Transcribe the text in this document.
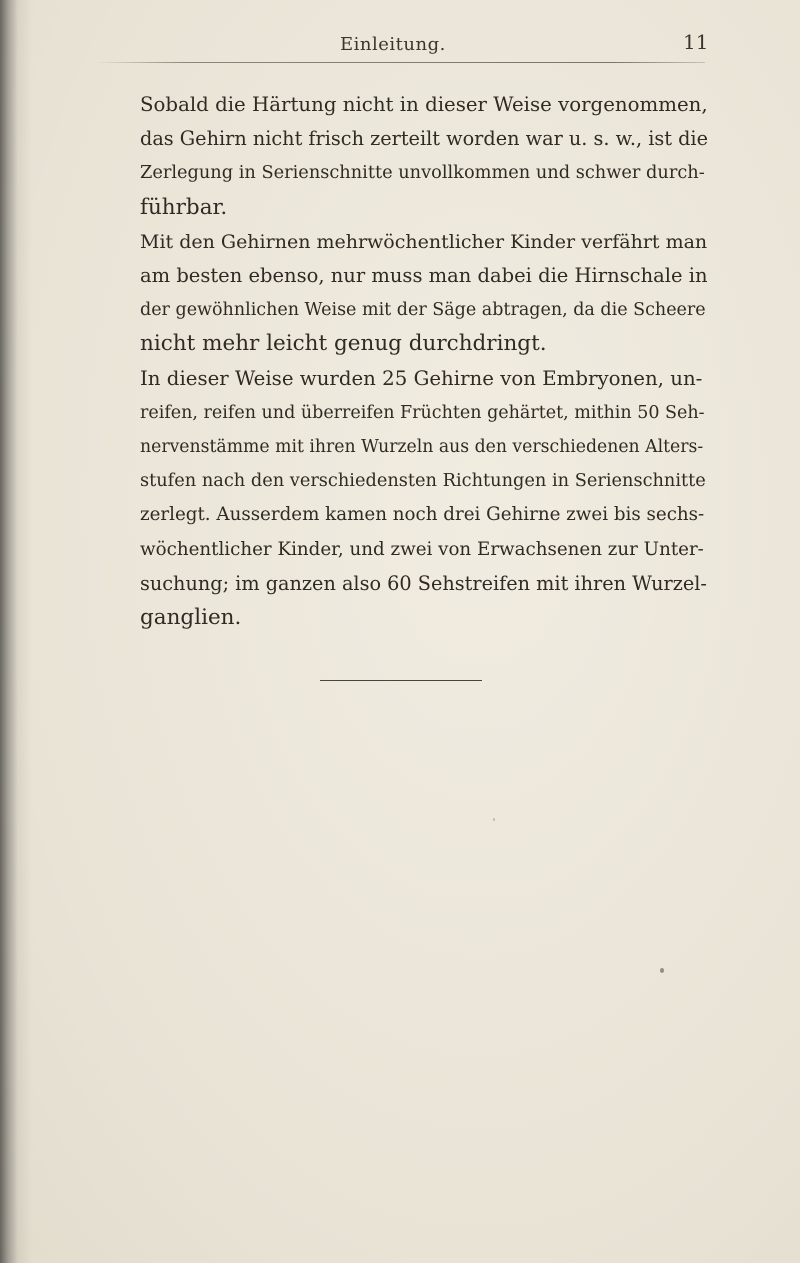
Einleitung.	11

Sobald die Härtung nicht in dieser Weise vorgenommen,
das Gehirn nicht frisch zerteilt worden war u. s. w., ist die
Zerlegung in Serienschnitte unvollkommen und schwer durch-
führbar.

Mit den Gehirnen mehrwöchentlicher Kinder verfährt man
am besten ebenso, nur muss man dabei die Hirnschale in
der gewöhnlichen Weise mit der Säge abtragen, da die Scheere
nicht mehr leicht genug durchdringt.

In dieser Weise wurden 25 Gehirne von Embryonen, un-
reifen, reifen und überreifen Früchten gehärtet, mithin 50 Seh-
nervenstämme mit ihren Wurzeln aus den verschiedenen Alters-
stufen nach den verschiedensten Richtungen in Serienschnitte
zerlegt. Ausserdem kamen noch drei Gehirne zwei bis sechs-
wöchentlicher Kinder, und zwei von Erwachsenen zur Unter-
suchung; im ganzen also 60 Sehstreifen mit ihren Wurzel-
ganglien.
